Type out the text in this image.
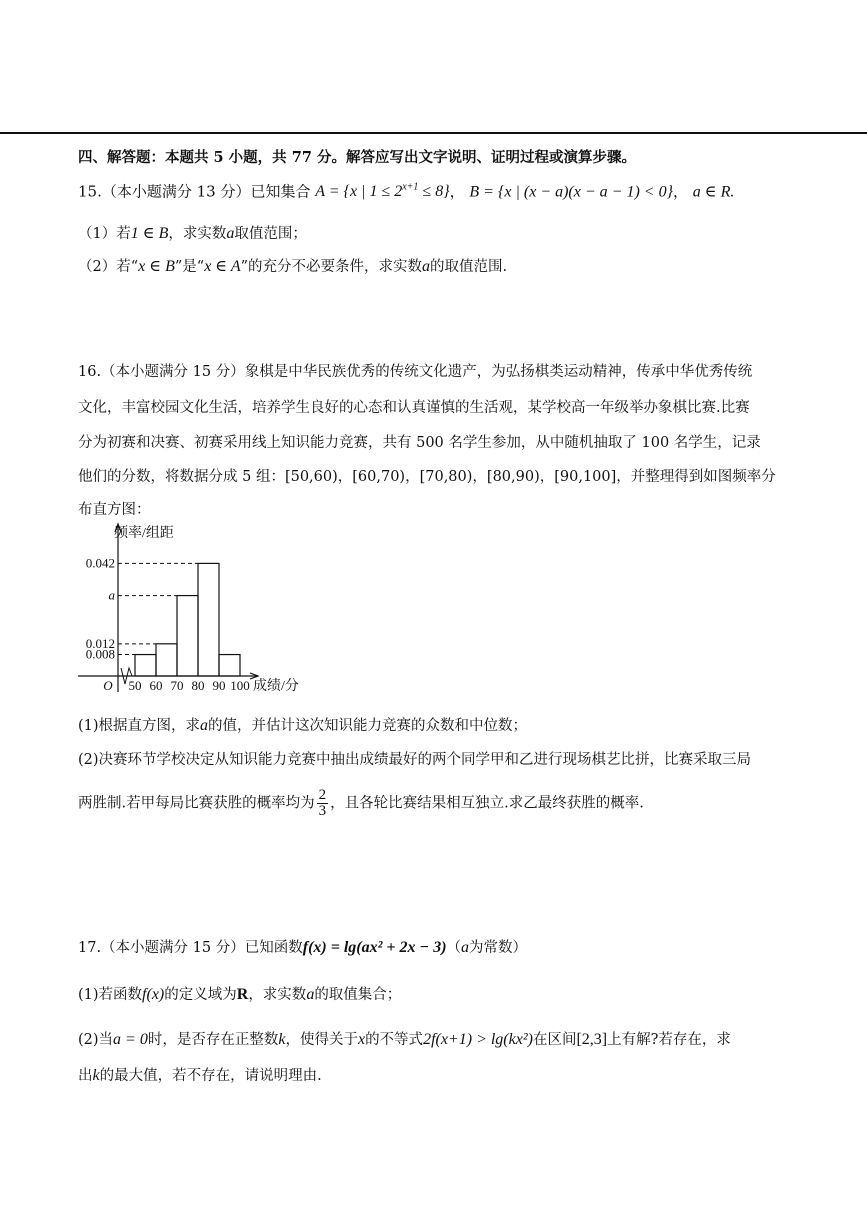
四、解答题：本题共 5 小题，共 77 分。解答应写出文字说明、证明过程或演算步骤。
15.（本小题满分 13 分）已知集合 A = {x | $1 \le 2^{x+1} \le 8$}， B = {x | (x − a)(x − a − 1) < 0}， a ∈ R.
（1）若1 ∈ B，求实数a取值范围；
（2）若“x ∈ B”是“x ∈ A”的充分不必要条件，求实数a的取值范围.
16.（本小题满分 15 分）象棋是中华民族优秀的传统文化遗产，为弘扬棋类运动精神，传承中华优秀传统
文化，丰富校园文化生活，培养学生良好的心态和认真谨慎的生活观，某学校高一年级举办象棋比赛.比赛
分为初赛和决赛、初赛采用线上知识能力竞赛，共有 500 名学生参加，从中随机抽取了 100 名学生，记录
他们的分数，将数据分成 5 组：[50,60)，[60,70)，[70,80)，[80,90)，[90,100]，并整理得到如图频率分
布直方图：
0.042
a
0.012
0.008
50 60 70 80 90 100
O
频率/组距
成绩/分
(1)根据直方图，求a的值，并估计这次知识能力竞赛的众数和中位数；
(2)决赛环节学校决定从知识能力竞赛中抽出成绩最好的两个同学甲和乙进行现场棋艺比拼，比赛采取三局
两胜制.若甲每局比赛获胜的概率均为 $\frac{2}{3}$ ，且各轮比赛结果相互独立.求乙最终获胜的概率.
17.（本小题满分 15 分）已知函数f(x) = lg(ax² + 2x − 3)（a为常数）
(1)若函数f(x)的定义域为R，求实数a的取值集合；
(2)当a = 0时，是否存在正整数k，使得关于x的不等式2f(x+1) > lg(kx²)在区间[2,3]上有解?若存在，求
出k的最大值，若不存在，请说明理由.
